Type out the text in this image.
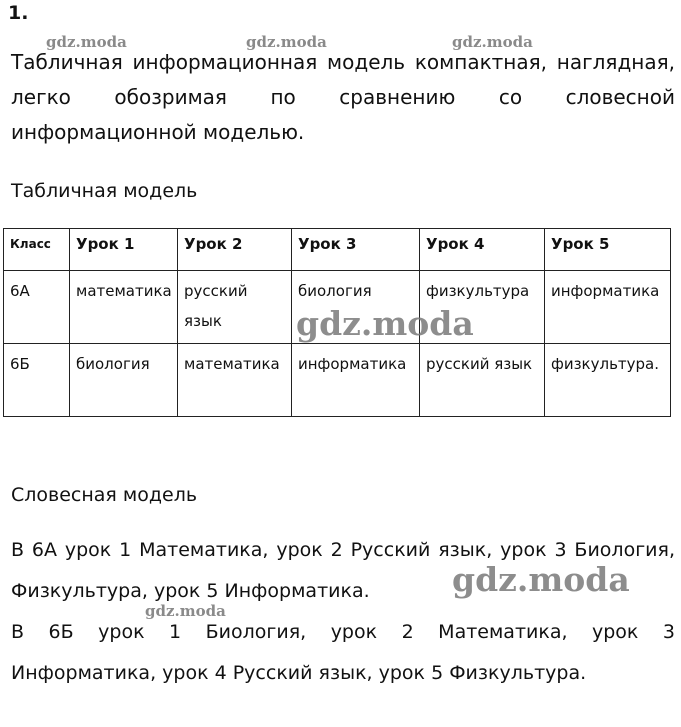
1.
gdz.moda	gdz.moda	gdz.moda
Табличная информационная модель компактная, наглядная,
легко обозримая по сравнению со словесной
информационной моделью.
Табличная модель
Класс	Урок 1	Урок 2	Урок 3	Урок 4	Урок 5
6А	математика	русский язык	биология	физкультура	информатика
6Б	биология	математика	информатика	русский язык	физкультура.
gdz.moda
Словесная модель
В 6А урок 1 Математика, урок 2 Русский язык, урок 3 Биология,
Физкультура, урок 5 Информатика.
В 6Б урок 1 Биология, урок 2 Математика, урок 3
Информатика, урок 4 Русский язык, урок 5 Физкультура.
gdz.moda
gdz.moda
